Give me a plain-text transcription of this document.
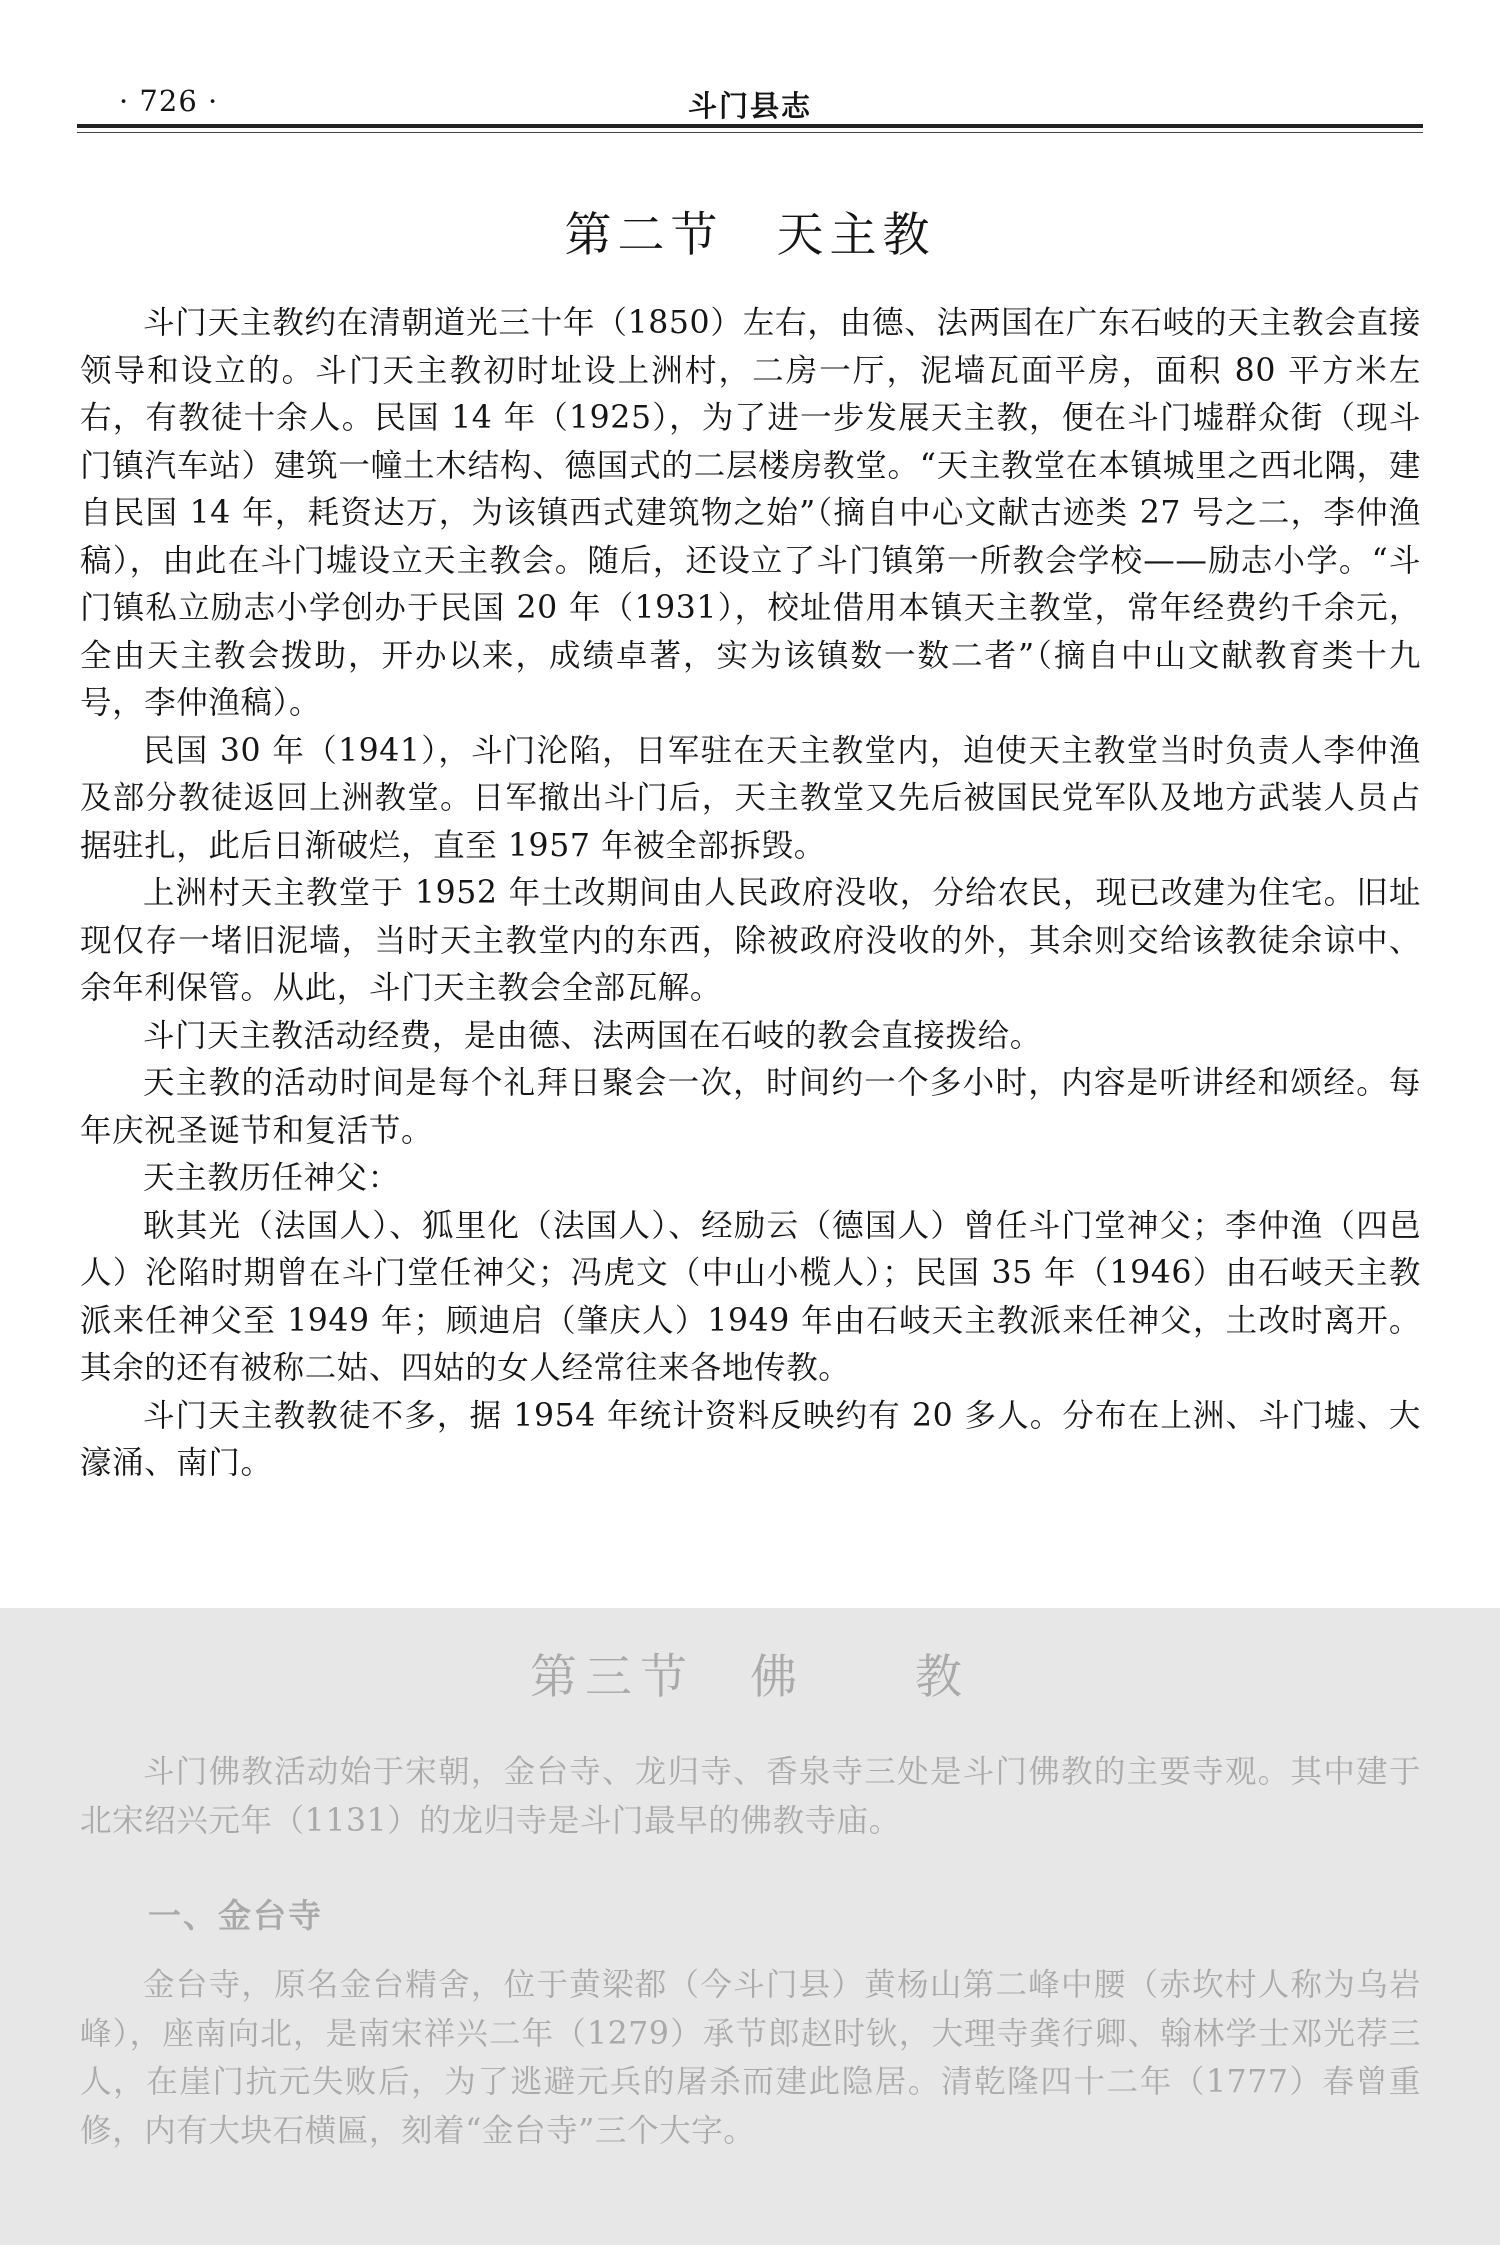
· 726 ·	斗门县志
第二节　天主教

斗门天主教约在清朝道光三十年（1850）左右，由德、法两国在广东石岐的天主教会直接领导和设立的。斗门天主教初时址设上洲村，二房一厅，泥墙瓦面平房，面积 80 平方米左右，有教徒十余人。民国 14 年（1925），为了进一步发展天主教，便在斗门墟群众街（现斗门镇汽车站）建筑一幢土木结构、德国式的二层楼房教堂。“天主教堂在本镇城里之西北隅，建自民国 14 年，耗资达万，为该镇西式建筑物之始”（摘自中心文献古迹类 27 号之二，李仲渔稿），由此在斗门墟设立天主教会。随后，还设立了斗门镇第一所教会学校——励志小学。“斗门镇私立励志小学创办于民国 20 年（1931），校址借用本镇天主教堂，常年经费约千余元，全由天主教会拨助，开办以来，成绩卓著，实为该镇数一数二者”（摘自中山文献教育类十九号，李仲渔稿）。

民国 30 年（1941），斗门沦陷，日军驻在天主教堂内，迫使天主教堂当时负责人李仲渔及部分教徒返回上洲教堂。日军撤出斗门后，天主教堂又先后被国民党军队及地方武装人员占据驻扎，此后日渐破烂，直至 1957 年被全部拆毁。

上洲村天主教堂于 1952 年土改期间由人民政府没收，分给农民，现已改建为住宅。旧址现仅存一堵旧泥墙，当时天主教堂内的东西，除被政府没收的外，其余则交给该教徒余谅中、余年利保管。从此，斗门天主教会全部瓦解。

斗门天主教活动经费，是由德、法两国在石岐的教会直接拨给。

天主教的活动时间是每个礼拜日聚会一次，时间约一个多小时，内容是听讲经和颂经。每年庆祝圣诞节和复活节。

天主教历任神父：

耿其光（法国人）、狐里化（法国人）、经励云（德国人）曾任斗门堂神父；李仲渔（四邑人）沦陷时期曾在斗门堂任神父；冯虎文（中山小榄人）；民国 35 年（1946）由石岐天主教派来任神父至 1949 年；顾迪启（肇庆人）1949 年由石岐天主教派来任神父，土改时离开。其余的还有被称二姑、四姑的女人经常往来各地传教。

斗门天主教教徒不多，据 1954 年统计资料反映约有 20 多人。分布在上洲、斗门墟、大濠涌、南门。

第三节　佛　　教

斗门佛教活动始于宋朝，金台寺、龙归寺、香泉寺三处是斗门佛教的主要寺观。其中建于北宋绍兴元年（1131）的龙归寺是斗门最早的佛教寺庙。

一、金台寺

金台寺，原名金台精舍，位于黄梁都（今斗门县）黄杨山第二峰中腰（赤坎村人称为乌岩峰），座南向北，是南宋祥兴二年（1279）承节郎赵时钬，大理寺龚行卿、翰林学士邓光荐三人，在崖门抗元失败后，为了逃避元兵的屠杀而建此隐居。清乾隆四十二年（1777）春曾重修，内有大块石横匾，刻着“金台寺”三个大字。
